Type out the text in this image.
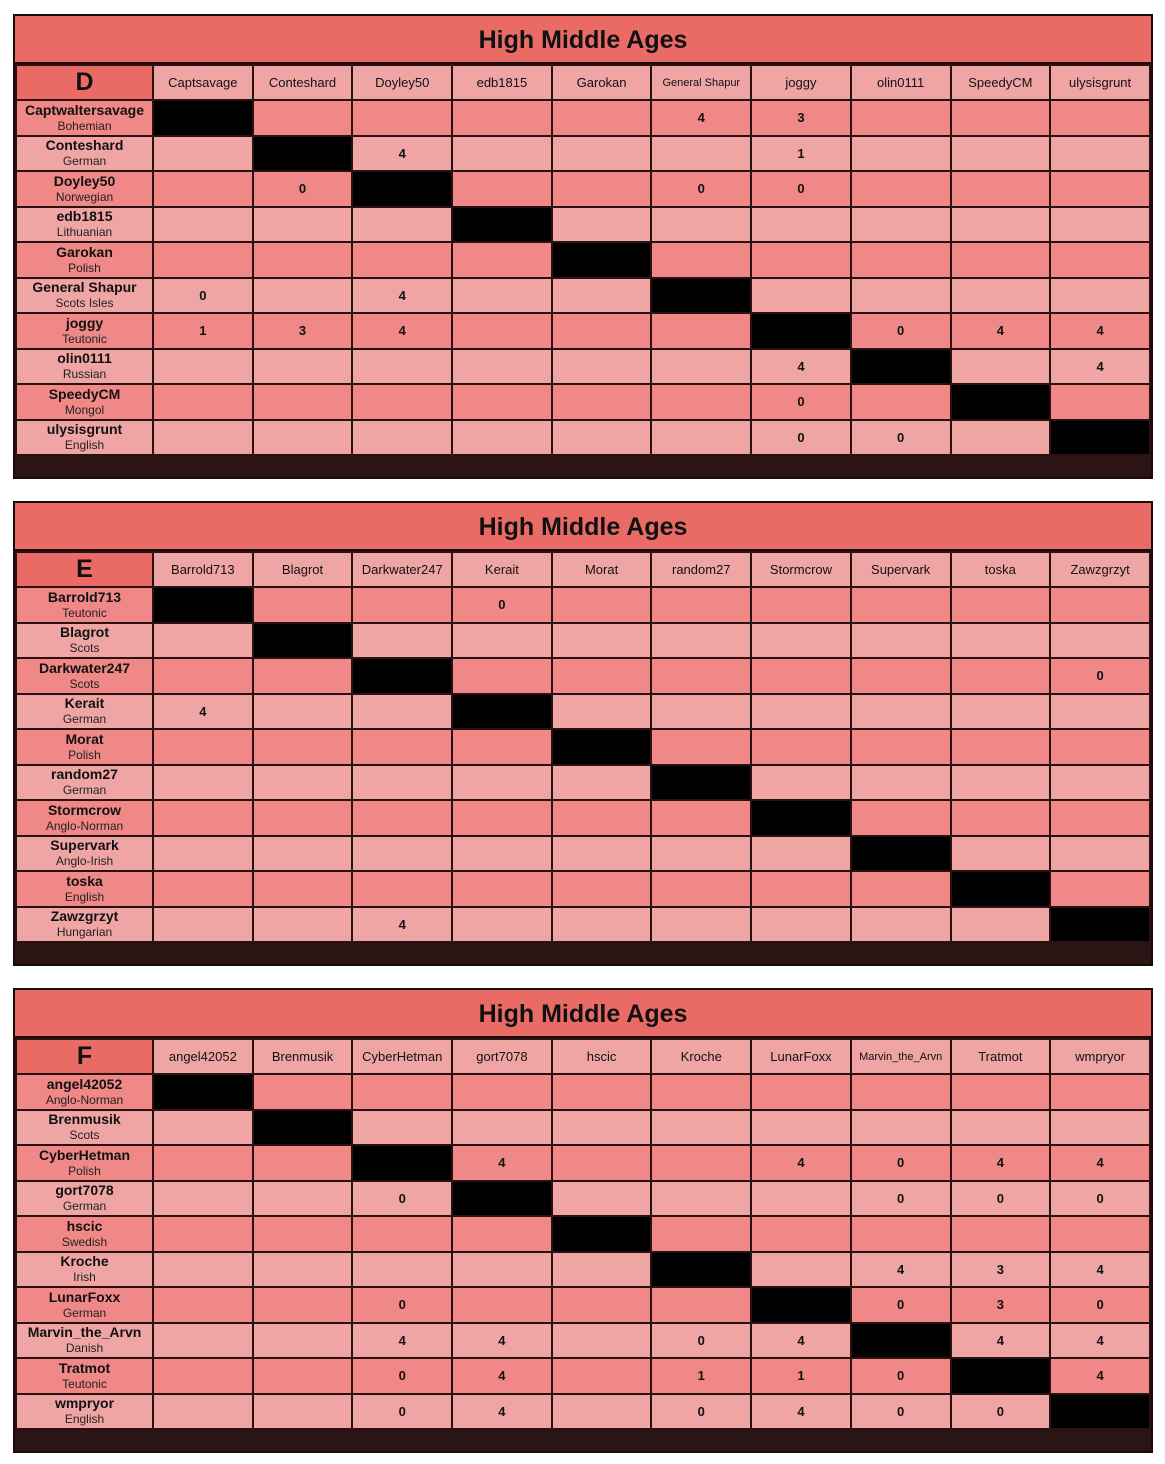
High Middle Ages
D	Captsavage	Conteshard	Doyley50	edb1815	Garokan	General Shapur	joggy	olin0111	SpeedyCM	ulysisgrunt

Captwaltersavage
Bohemian						4	3			

Conteshard
German			4				1			

Doyley50
Norwegian		0				0	0			

edb1815
Lithuanian										

Garokan
Polish										

General Shapur
Scots Isles	0		4							

joggy
Teutonic	1	3	4					0	4	4

olin0111
Russian							4			4

SpeedyCM
Mongol							0			

ulysisgrunt
English							0	0		
High Middle Ages
E	Barrold713	Blagrot	Darkwater247	Kerait	Morat	random27	Stormcrow	Supervark	toska	Zawzgrzyt

Barrold713
Teutonic				0						

Blagrot
Scots										

Darkwater247
Scots										0

Kerait
German	4									

Morat
Polish										

random27
German										

Stormcrow
Anglo-Norman										

Supervark
Anglo-Irish										

toska
English										

Zawzgrzyt
Hungarian			4							
High Middle Ages
F	angel42052	Brenmusik	CyberHetman	gort7078	hscic	Kroche	LunarFoxx	Marvin_the_Arvn	Tratmot	wmpryor

angel42052
Anglo-Norman										

Brenmusik
Scots										

CyberHetman
Polish				4			4	0	4	4

gort7078
German			0					0	0	0

hscic
Swedish										

Kroche
Irish								4	3	4

LunarFoxx
German			0					0	3	0

Marvin_the_Arvn
Danish			4	4		0	4		4	4

Tratmot
Teutonic			0	4		1	1	0		4

wmpryor
English			0	4		0	4	0	0	
